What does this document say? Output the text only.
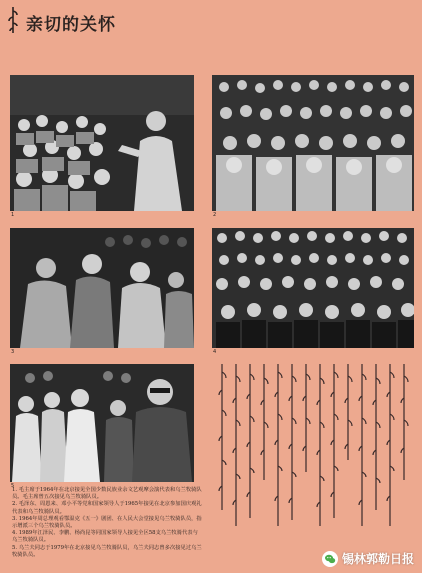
亲切的关怀
1	2
3	4
5
1. 毛主席于1964年在北京接见全国少数民族业余文艺观摩会演代表和乌兰牧骑队员。毛主席曾五次接见乌兰牧骑队员。
2. 毛泽东、周恩来、邓小平等党和国家领导人于1965年接见在北京参加国庆观礼代表和乌兰牧骑队员。
3. 1964年周总理观看鄂温克《五一》剧团、在人民大会堂接见乌兰牧骑队员，指示增派三个乌兰牧骑队员。
4. 1989年江泽民、李鹏、杨尚昆等同国家领导人接见全区58支乌兰牧骑代表与乌兰牧骑队员。
5. 乌兰夫同志于1979年在北京接见乌兰牧骑队员，乌兰夫同志曾多次接见过乌兰牧骑队员。	锡林郭勒日报
